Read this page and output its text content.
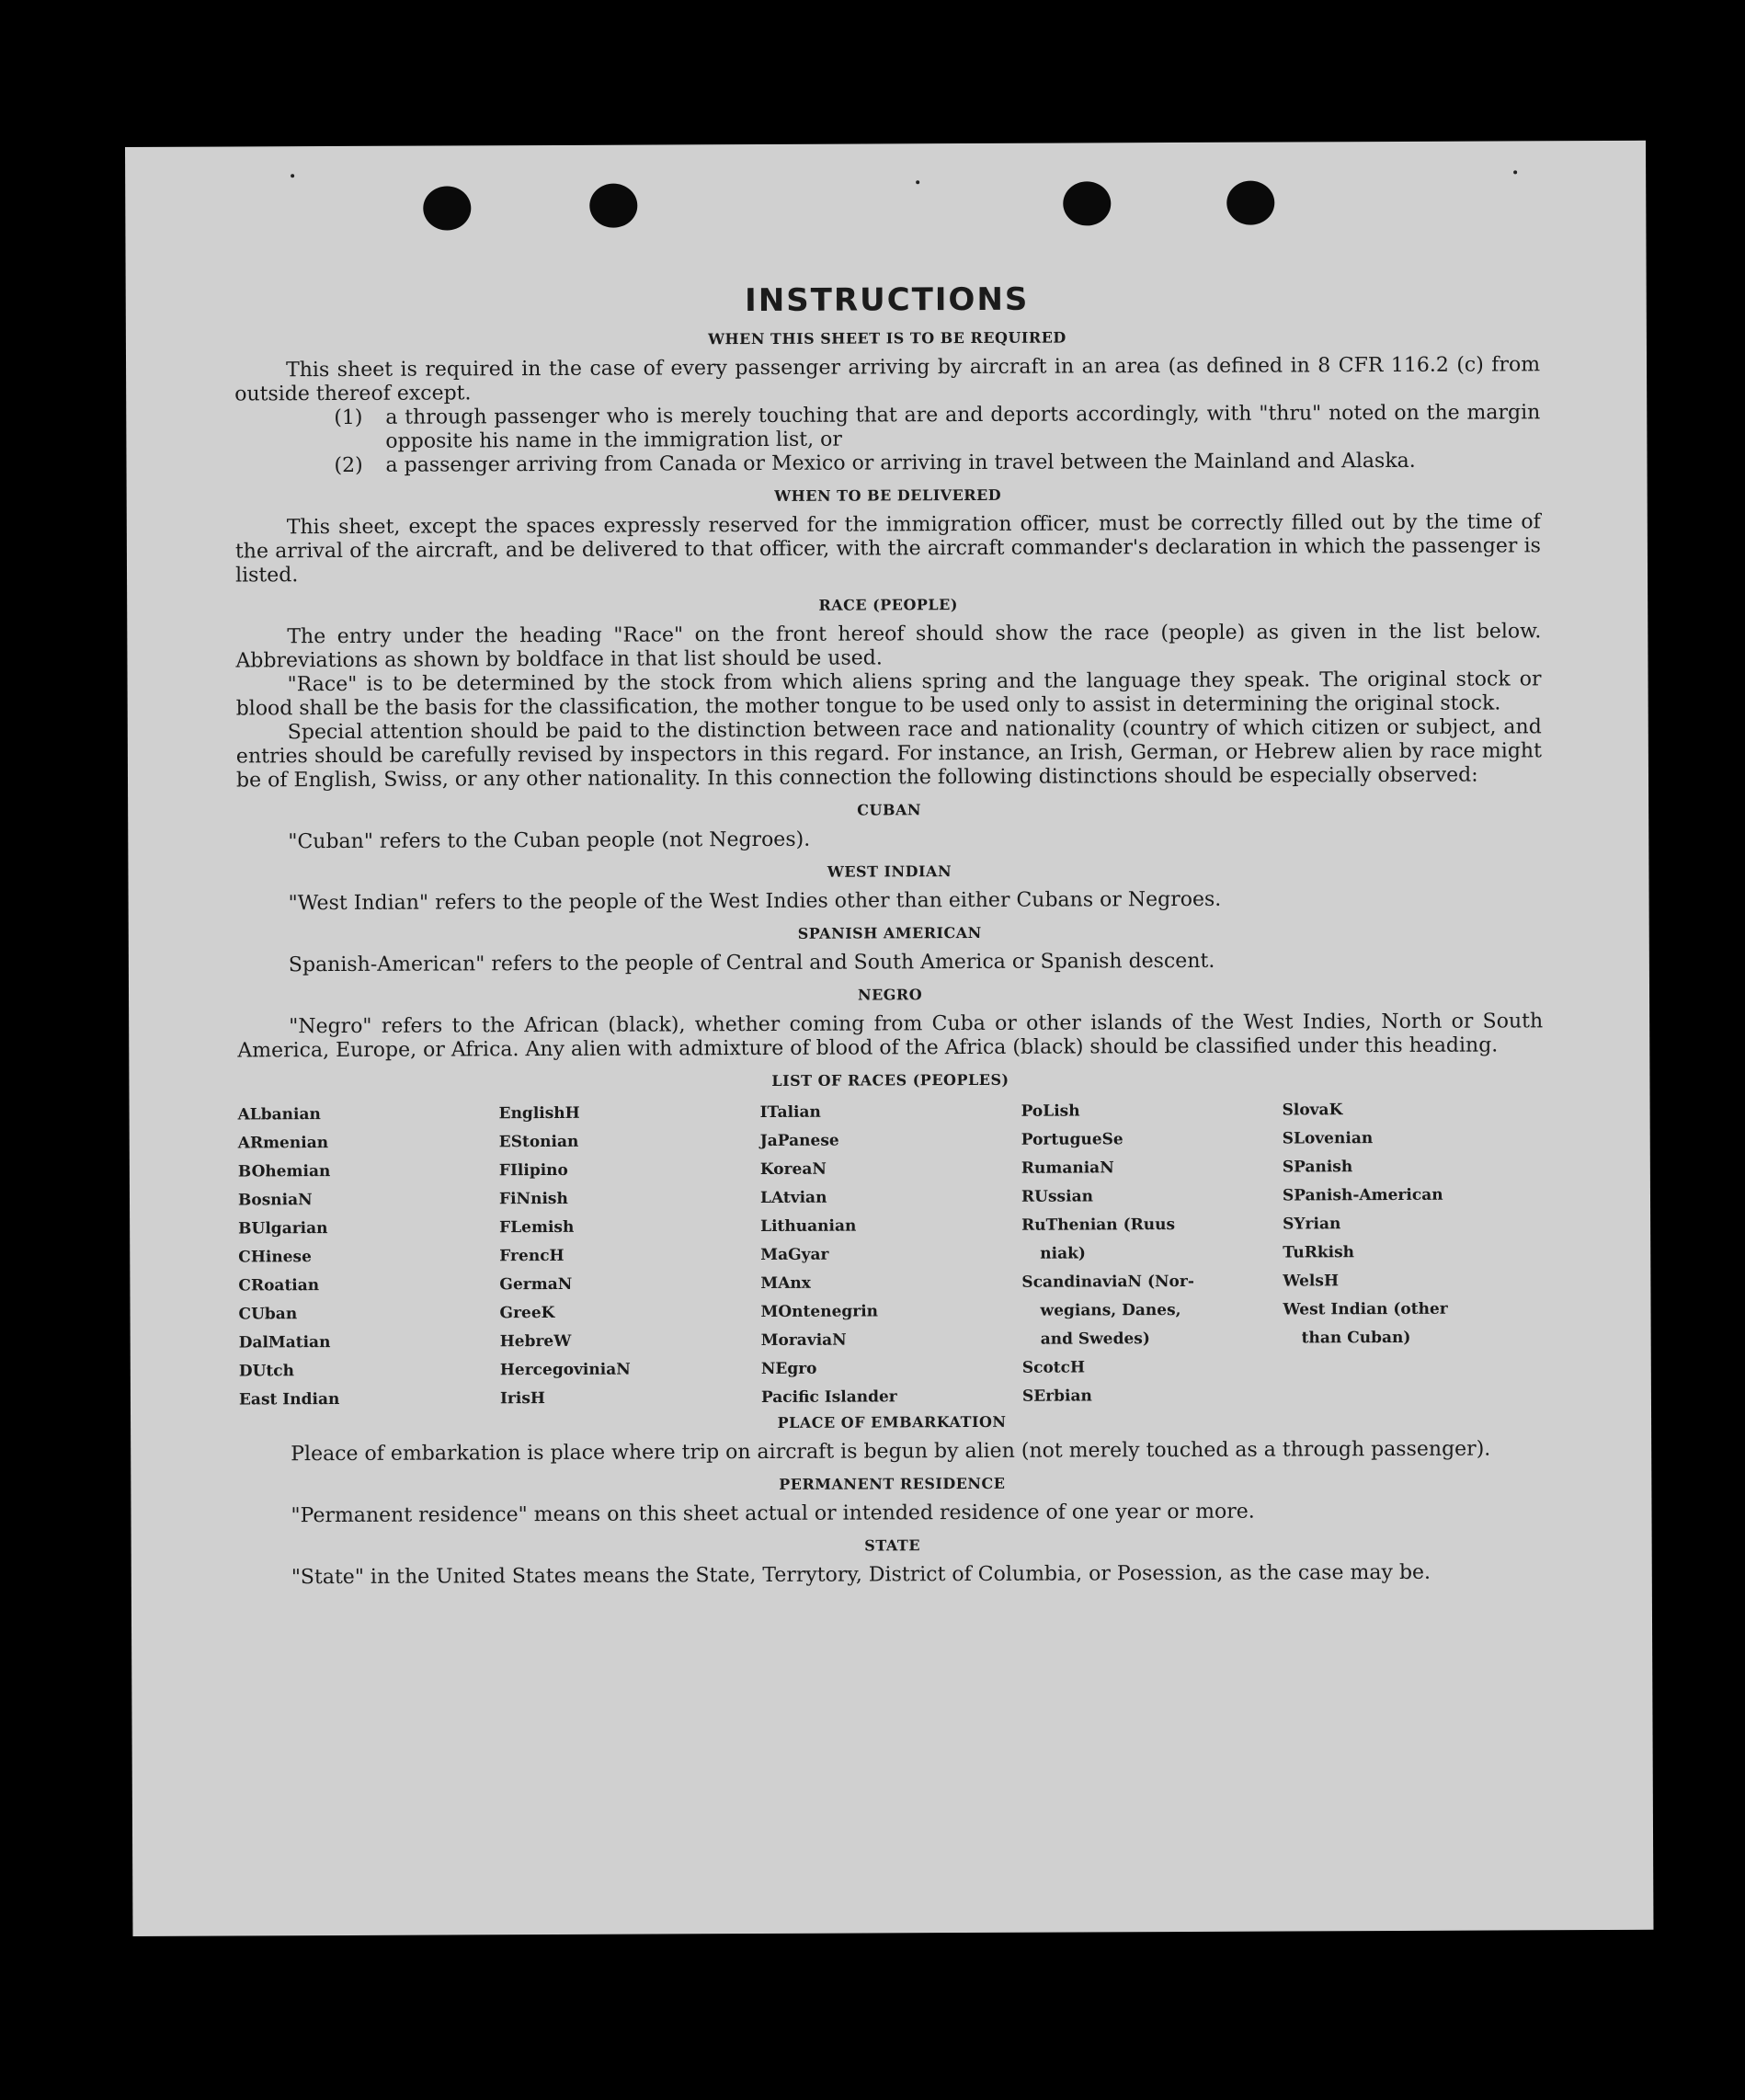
INSTRUCTIONS
WHEN THIS SHEET IS TO BE REQUIRED

This sheet is required in the case of every passenger arriving by aircraft in an area (as defined in 8 CFR 116.2 (c) from outside thereof except.

(1)	a through passenger who is merely touching that are and deports accordingly, with "thru" noted on the margin opposite his name in the immigration list, or
(2)	a passenger arriving from Canada or Mexico or arriving in travel between the Mainland and Alaska.
WHEN TO BE DELIVERED

This sheet, except the spaces expressly reserved for the immigration officer, must be correctly filled out by the time of the arrival of the aircraft, and be delivered to that officer, with the aircraft commander's declaration in which the passenger is listed.

RACE (PEOPLE)

The entry under the heading "Race" on the front hereof should show the race (people) as given in the list below. Abbreviations as shown by boldface in that list should be used.

"Race" is to be determined by the stock from which aliens spring and the language they speak. The original stock or blood shall be the basis for the classification, the mother tongue to be used only to assist in determining the original stock.

Special attention should be paid to the distinction between race and nationality (country of which citizen or subject, and entries should be carefully revised by inspectors in this regard. For instance, an Irish, German, or Hebrew alien by race might be of English, Swiss, or any other nationality. In this connection the following distinctions should be especially observed:

CUBAN

"Cuban" refers to the Cuban people (not Negroes).

WEST INDIAN

"West Indian" refers to the people of the West Indies other than either Cubans or Negroes.

SPANISH AMERICAN

Spanish-American" refers to the people of Central and South America or Spanish descent.

NEGRO

"Negro" refers to the African (black), whether coming from Cuba or other islands of the West Indies, North or South America, Europe, or Africa. Any alien with admixture of blood of the Africa (black) should be classified under this heading.

LIST OF RACES (PEOPLES)
ALbanian
ARmenian
BOhemian
BosniaN
BUlgarian
CHinese
CRoatian
CUban
DalMatian
DUtch
East Indian
EnglishH
EStonian
FIlipino
FiNnish
FLemish
FrencH
GermaN
GreeK
HebreW
HercegoviniaN
IrisH
ITalian
JaPanese
KoreaN
LAtvian
Lithuanian
MaGyar
MAnx
MOntenegrin
MoraviaN
NEgro
Pacific Islander
PoLish
PortugueSe
RumaniaN
RUssian
RuThenian (Ruus
niak)
ScandinaviaN (Nor-
wegians, Danes,
and Swedes)
ScotcH
SErbian
SlovaK
SLovenian
SPanish
SPanish-American
SYrian
TuRkish
WelsH
West Indian (other
than Cuban)
PLACE OF EMBARKATION

Pleace of embarkation is place where trip on aircraft is begun by alien (not merely touched as a through passenger).

PERMANENT RESIDENCE

"Permanent residence" means on this sheet actual or intended residence of one year or more.

STATE

"State" in the United States means the State, Terrytory, District of Columbia, or Posession, as the case may be.
